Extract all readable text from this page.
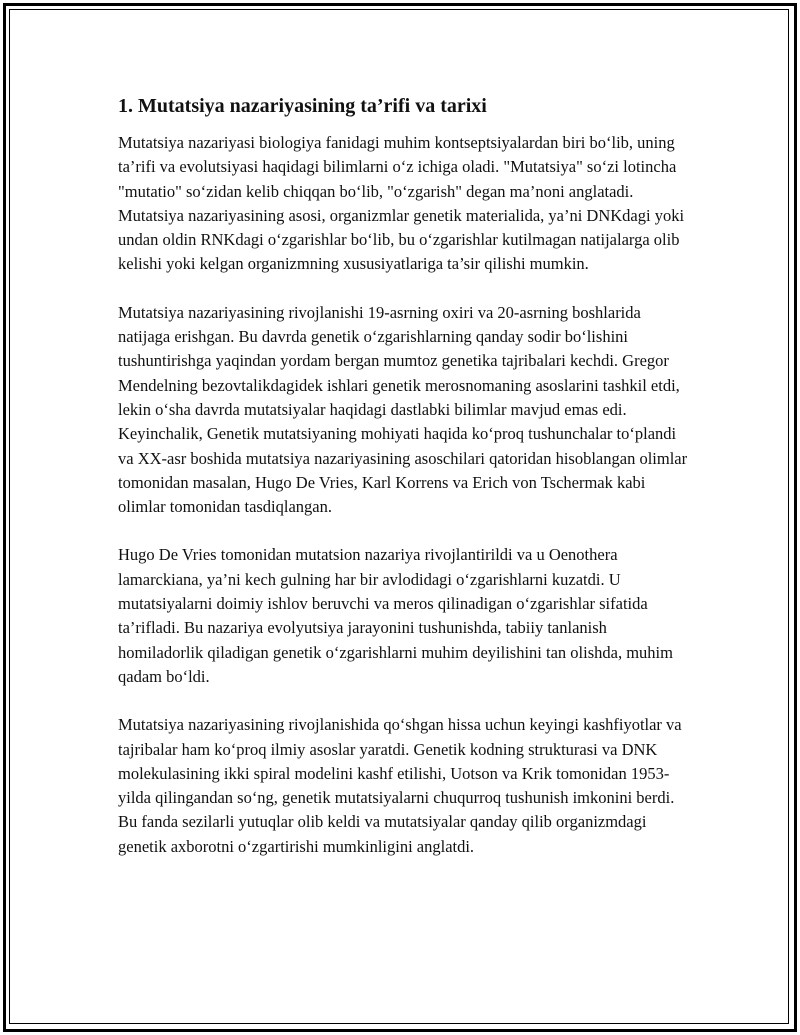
1. Mutatsiya nazariyasining ta’rifi va tarixi

Mutatsiya nazariyasi biologiya fanidagi muhim kontseptsiyalardan biri bo‘lib, uning ta’rifi va evolutsiyasi haqidagi bilimlarni o‘z ichiga oladi. "Mutatsiya" so‘zi lotincha "mutatio" so‘zidan kelib chiqqan bo‘lib, "o‘zgarish" degan ma’noni anglatadi. Mutatsiya nazariyasining asosi, organizmlar genetik materialida, ya’ni DNKdagi yoki undan oldin RNKdagi o‘zgarishlar bo‘lib, bu o‘zgarishlar kutilmagan natijalarga olib kelishi yoki kelgan organizmning xususiyatlariga ta’sir qilishi mumkin.

Mutatsiya nazariyasining rivojlanishi 19-asrning oxiri va 20-asrning boshlarida natijaga erishgan. Bu davrda genetik o‘zgarishlarning qanday sodir bo‘lishini tushuntirishga yaqindan yordam bergan mumtoz genetika tajribalari kechdi. Gregor Mendelning bezovtalikdagidek ishlari genetik merosnomaning asoslarini tashkil etdi, lekin o‘sha davrda mutatsiyalar haqidagi dastlabki bilimlar mavjud emas edi. Keyinchalik, Genetik mutatsiyaning mohiyati haqida ko‘proq tushunchalar to‘plandi va XX-asr boshida mutatsiya nazariyasining asoschilari qatoridan hisoblangan olimlar tomonidan masalan, Hugo De Vries, Karl Korrens va Erich von Tschermak kabi olimlar tomonidan tasdiqlangan.

Hugo De Vries tomonidan mutatsion nazariya rivojlantirildi va u Oenothera lamarckiana, ya’ni kech gulning har bir avlodidagi o‘zgarishlarni kuzatdi. U mutatsiyalarni doimiy ishlov beruvchi va meros qilinadigan o‘zgarishlar sifatida ta’rifladi. Bu nazariya evolyutsiya jarayonini tushunishda, tabiiy tanlanish homiladorlik qiladigan genetik o‘zgarishlarni muhim deyilishini tan olishda, muhim qadam bo‘ldi.

Mutatsiya nazariyasining rivojlanishida qo‘shgan hissa uchun keyingi kashfiyotlar va tajribalar ham ko‘proq ilmiy asoslar yaratdi. Genetik kodning strukturasi va DNK molekulasining ikki spiral modelini kashf etilishi, Uotson va Krik tomonidan 1953-yilda qilingandan so‘ng, genetik mutatsiyalarni chuqurroq tushunish imkonini berdi. Bu fanda sezilarli yutuqlar olib keldi va mutatsiyalar qanday qilib organizmdagi genetik axborotni o‘zgartirishi mumkinligini anglatdi.
